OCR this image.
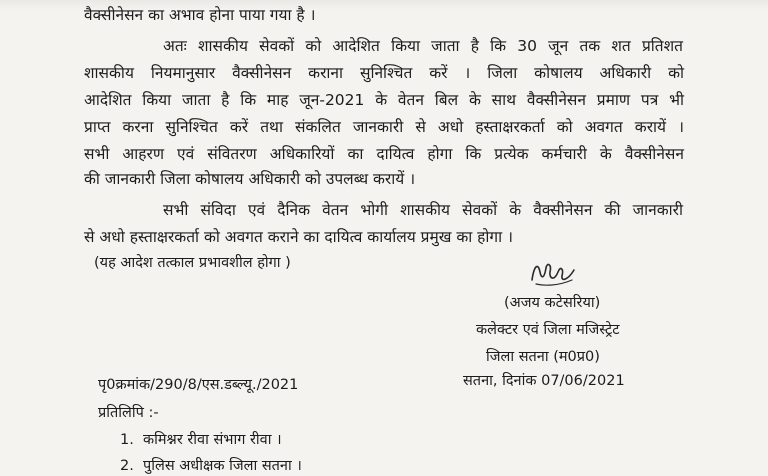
वैक्सीनेसन का अभाव होना पाया गया है ।
अतः शासकीय सेवकों को आदेशित किया जाता है कि 30 जून तक शत प्रतिशत
शासकीय नियमानुसार वैक्सीनेसन कराना सुनिश्चित करें । जिला कोषालय अधिकारी को
आदेशित किया जाता है कि माह जून-2021 के वेतन बिल के साथ वैक्सीनेसन प्रमाण पत्र भी
प्राप्त करना सुनिश्चित करें तथा संकलित जानकारी से अधो हस्ताक्षरकर्ता को अवगत करायें ।
सभी आहरण एवं संवितरण अधिकारियों का दायित्व होगा कि प्रत्येक कर्मचारी के वैक्सीनेसन
की जानकारी जिला कोषालय अधिकारी को उपलब्ध करायें ।
सभी संविदा एवं दैनिक वेतन भोगी शासकीय सेवकों के वैक्सीनेसन की जानकारी
से अधो हस्ताक्षरकर्ता को अवगत कराने का दायित्व कार्यालय प्रमुख का होगा ।
(यह आदेश तत्काल प्रभावशील होगा )
(अजय कटेसरिया)
कलेक्टर एवं जिला मजिस्ट्रेट
जिला सतना (म0प्र0)
पृ0क्रमांक/290/8/एस.डब्ल्यू./2021	सतना, दिनांक 07/06/2021
प्रतिलिपि :-
1. कमिश्नर रीवा संभाग रीवा ।
2. पुलिस अधीक्षक जिला सतना ।
